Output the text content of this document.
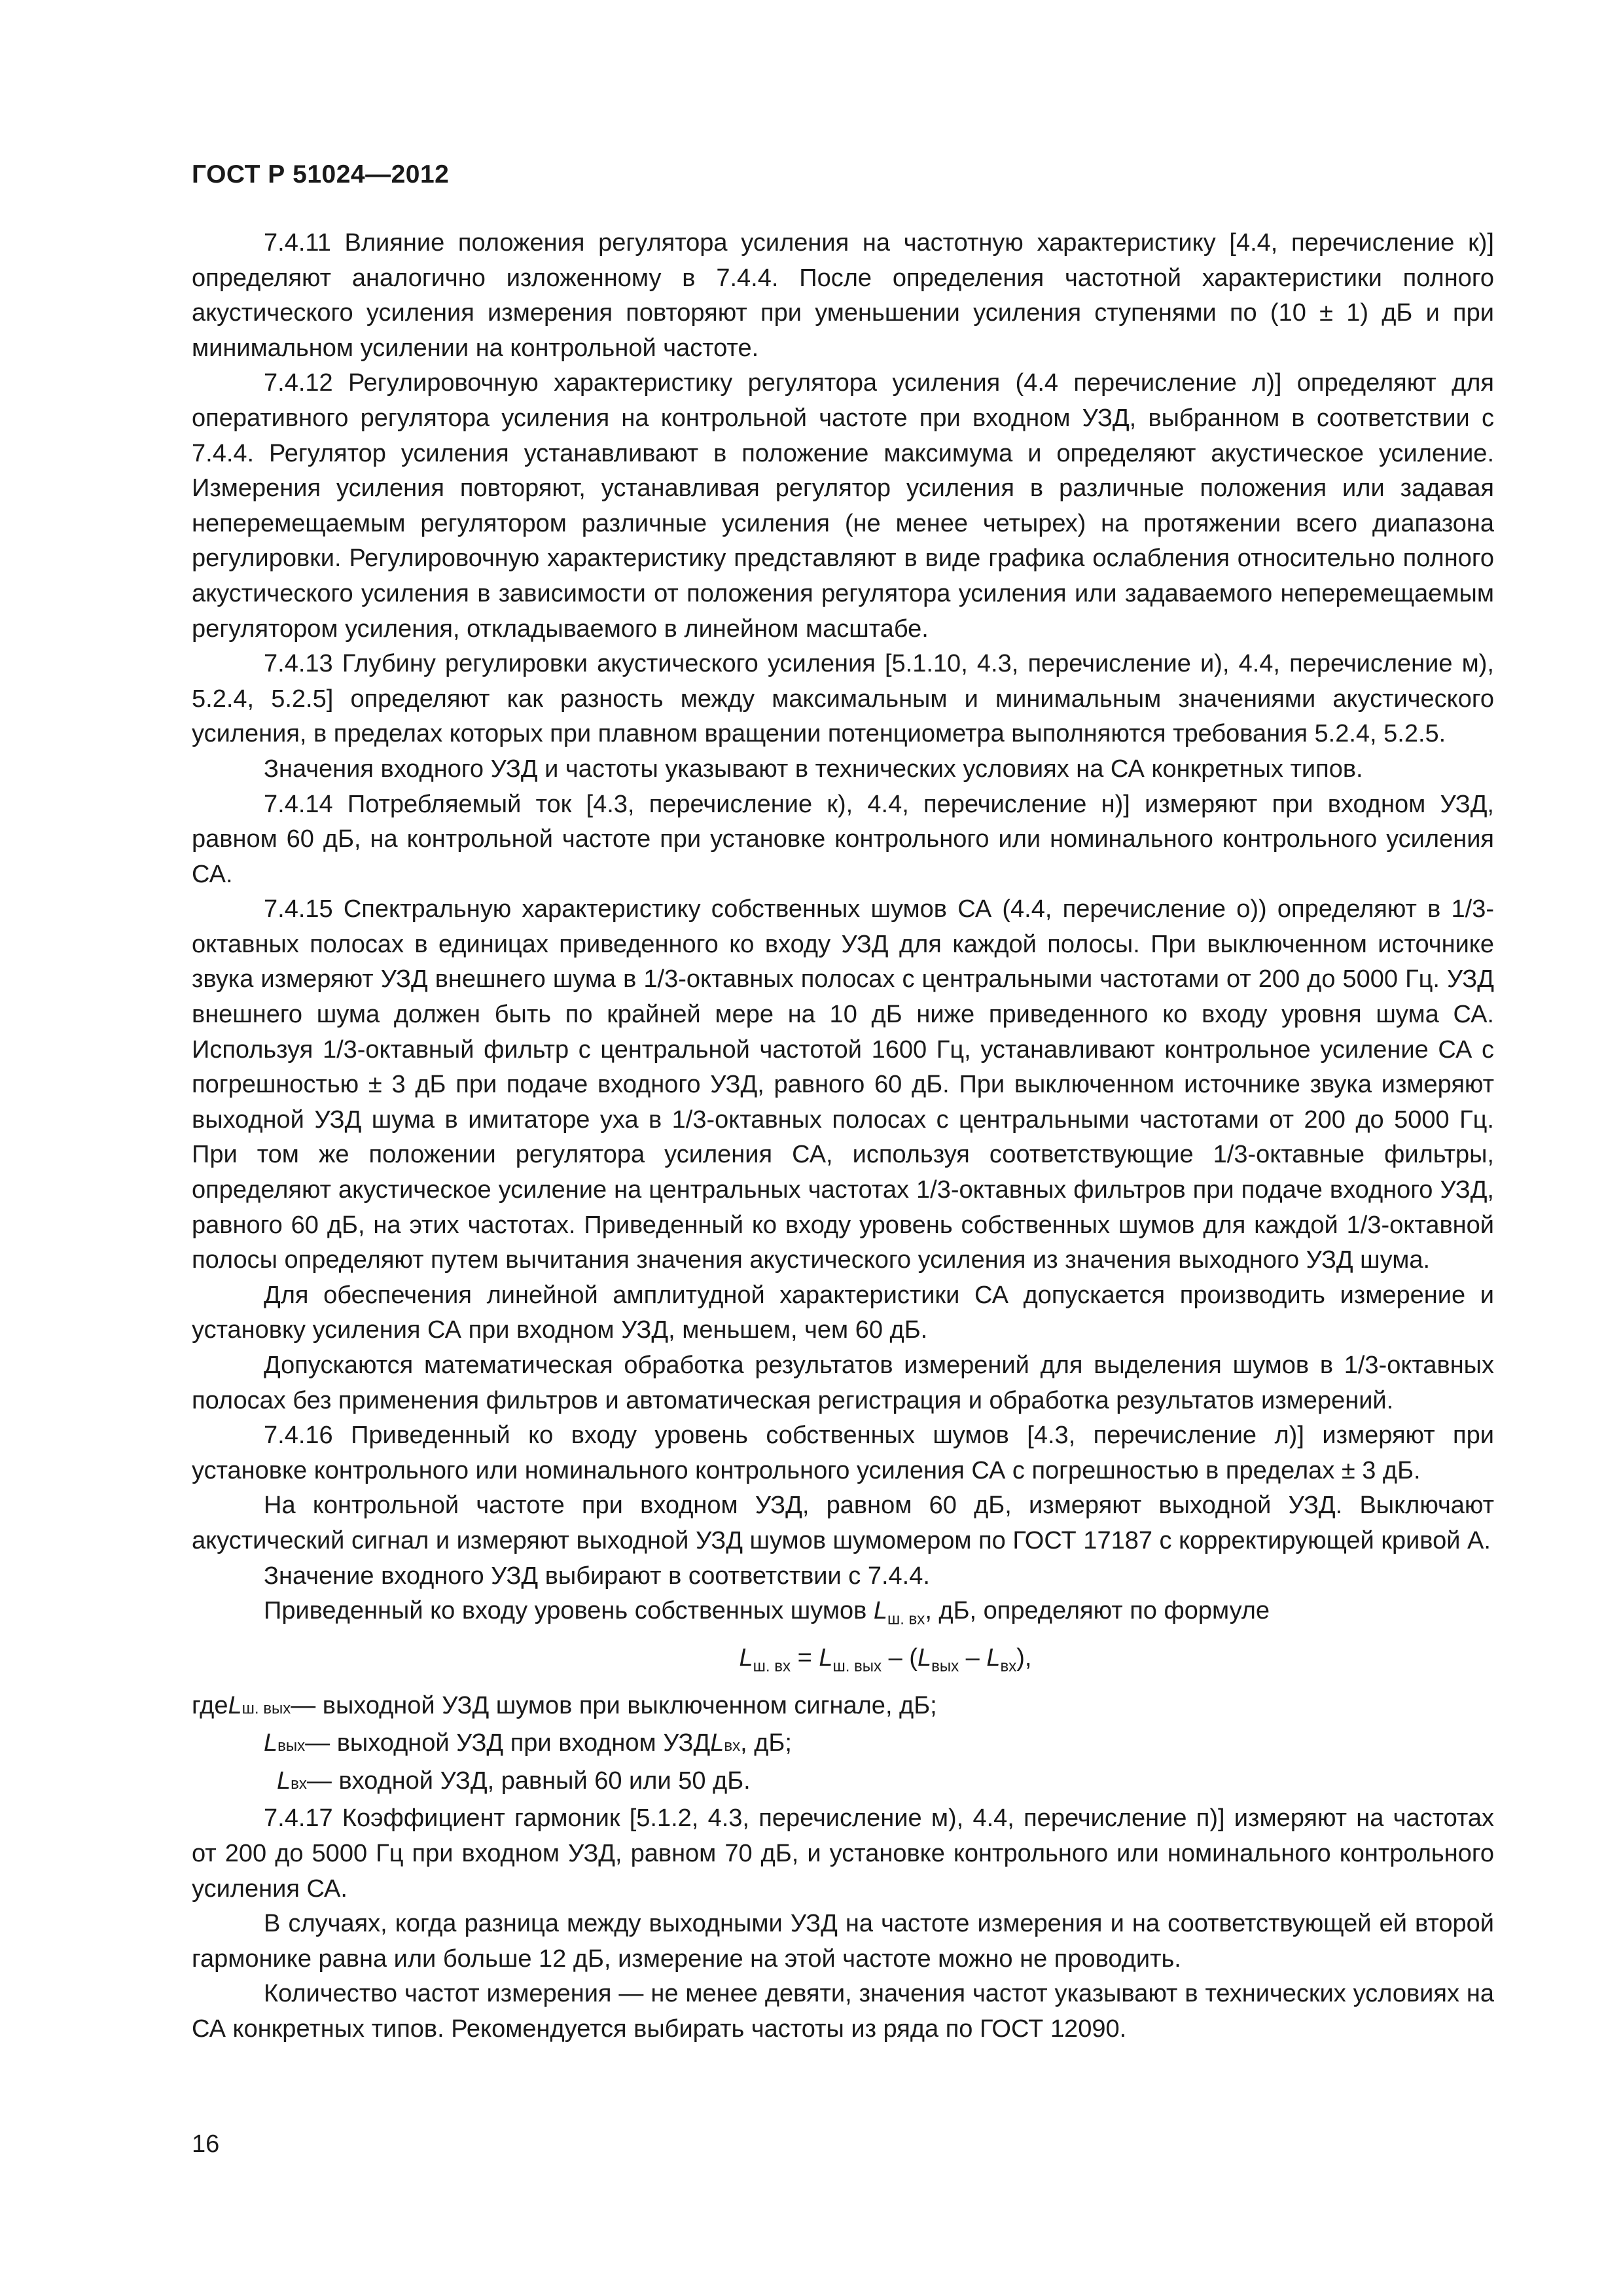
ГОСТ Р 51024—2012

7.4.11 Влияние положения регулятора усиления на частотную характеристику [4.4, перечисление к)] определяют аналогично изложенному в 7.4.4. После определения частотной характеристики полного акустического усиления измерения повторяют при уменьшении усиления ступенями по (10 ± 1) дБ и при минимальном усилении на контрольной частоте.

7.4.12 Регулировочную характеристику регулятора усиления (4.4 перечисление л)] определяют для оперативного регулятора усиления на контрольной частоте при входном УЗД, выбранном в соответствии с 7.4.4. Регулятор усиления устанавливают в положение максимума и определяют акустическое усиление. Измерения усиления повторяют, устанавливая регулятор усиления в различные положения или задавая неперемещаемым регулятором различные усиления (не менее четырех) на протяжении всего диапазона регулировки. Регулировочную характеристику представляют в виде графика ослабления относительно полного акустического усиления в зависимости от положения регулятора усиления или задаваемого неперемещаемым регулятором усиления, откладываемого в линейном масштабе.

7.4.13 Глубину регулировки акустического усиления [5.1.10, 4.3, перечисление и), 4.4, перечисление м), 5.2.4, 5.2.5] определяют как разность между максимальным и минимальным значениями акустического усиления, в пределах которых при плавном вращении потенциометра выполняются требования 5.2.4, 5.2.5.

Значения входного УЗД и частоты указывают в технических условиях на СА конкретных типов.

7.4.14 Потребляемый ток [4.3, перечисление к), 4.4, перечисление н)] измеряют при входном УЗД, равном 60 дБ, на контрольной частоте при установке контрольного или номинального контрольного усиления СА.

7.4.15 Спектральную характеристику собственных шумов СА (4.4, перечисление о)) определяют в 1/3-октавных полосах в единицах приведенного ко входу УЗД для каждой полосы. При выключенном источнике звука измеряют УЗД внешнего шума в 1/3-октавных полосах с центральными частотами от 200 до 5000 Гц. УЗД внешнего шума должен быть по крайней мере на 10 дБ ниже приведенного ко входу уровня шума СА. Используя 1/3-октавный фильтр с центральной частотой 1600 Гц, устанавливают контрольное усиление СА с погрешностью ± 3 дБ при подаче входного УЗД, равного 60 дБ. При выключенном источнике звука измеряют выходной УЗД шума в имитаторе уха в 1/3-октавных полосах с центральными частотами от 200 до 5000 Гц. При том же положении регулятора усиления СА, используя соответствующие 1/3-октавные фильтры, определяют акустическое усиление на центральных частотах 1/3-октавных фильтров при подаче входного УЗД, равного 60 дБ, на этих частотах. Приведенный ко входу уровень собственных шумов для каждой 1/3-октавной полосы определяют путем вычитания значения акустического усиления из значения выходного УЗД шума.

Для обеспечения линейной амплитудной характеристики СА допускается производить измерение и установку усиления СА при входном УЗД, меньшем, чем 60 дБ.

Допускаются математическая обработка результатов измерений для выделения шумов в 1/3-октавных полосах без применения фильтров и автоматическая регистрация и обработка результатов измерений.

7.4.16 Приведенный ко входу уровень собственных шумов [4.3, перечисление л)] измеряют при установке контрольного или номинального контрольного усиления СА с погрешностью в пределах ± 3 дБ.

На контрольной частоте при входном УЗД, равном 60 дБ, измеряют выходной УЗД. Выключают акустический сигнал и измеряют выходной УЗД шумов шумомером по ГОСТ 17187 с корректирующей кривой А.

Значение входного УЗД выбирают в соответствии с 7.4.4.

Приведенный ко входу уровень собственных шумов $L_{ш. вх}$, дБ, определяют по формуле

$L_{ш. вх} = L_{ш. вых} - (L_{вых} - L_{вх})$,
где L ш. вых — выходной УЗД шумов при выключенном сигнале, дБ;
L вых — выходной УЗД при входном УЗД L вх , дБ;
L вх — входной УЗД, равный 60 или 50 дБ.

7.4.17 Коэффициент гармоник [5.1.2, 4.3, перечисление м), 4.4, перечисление п)] измеряют на частотах от 200 до 5000 Гц при входном УЗД, равном 70 дБ, и установке контрольного или номинального контрольного усиления СА.

В случаях, когда разница между выходными УЗД на частоте измерения и на соответствующей ей второй гармонике равна или больше 12 дБ, измерение на этой частоте можно не проводить.

Количество частот измерения — не менее девяти, значения частот указывают в технических условиях на СА конкретных типов. Рекомендуется выбирать частоты из ряда по ГОСТ 12090.

16
